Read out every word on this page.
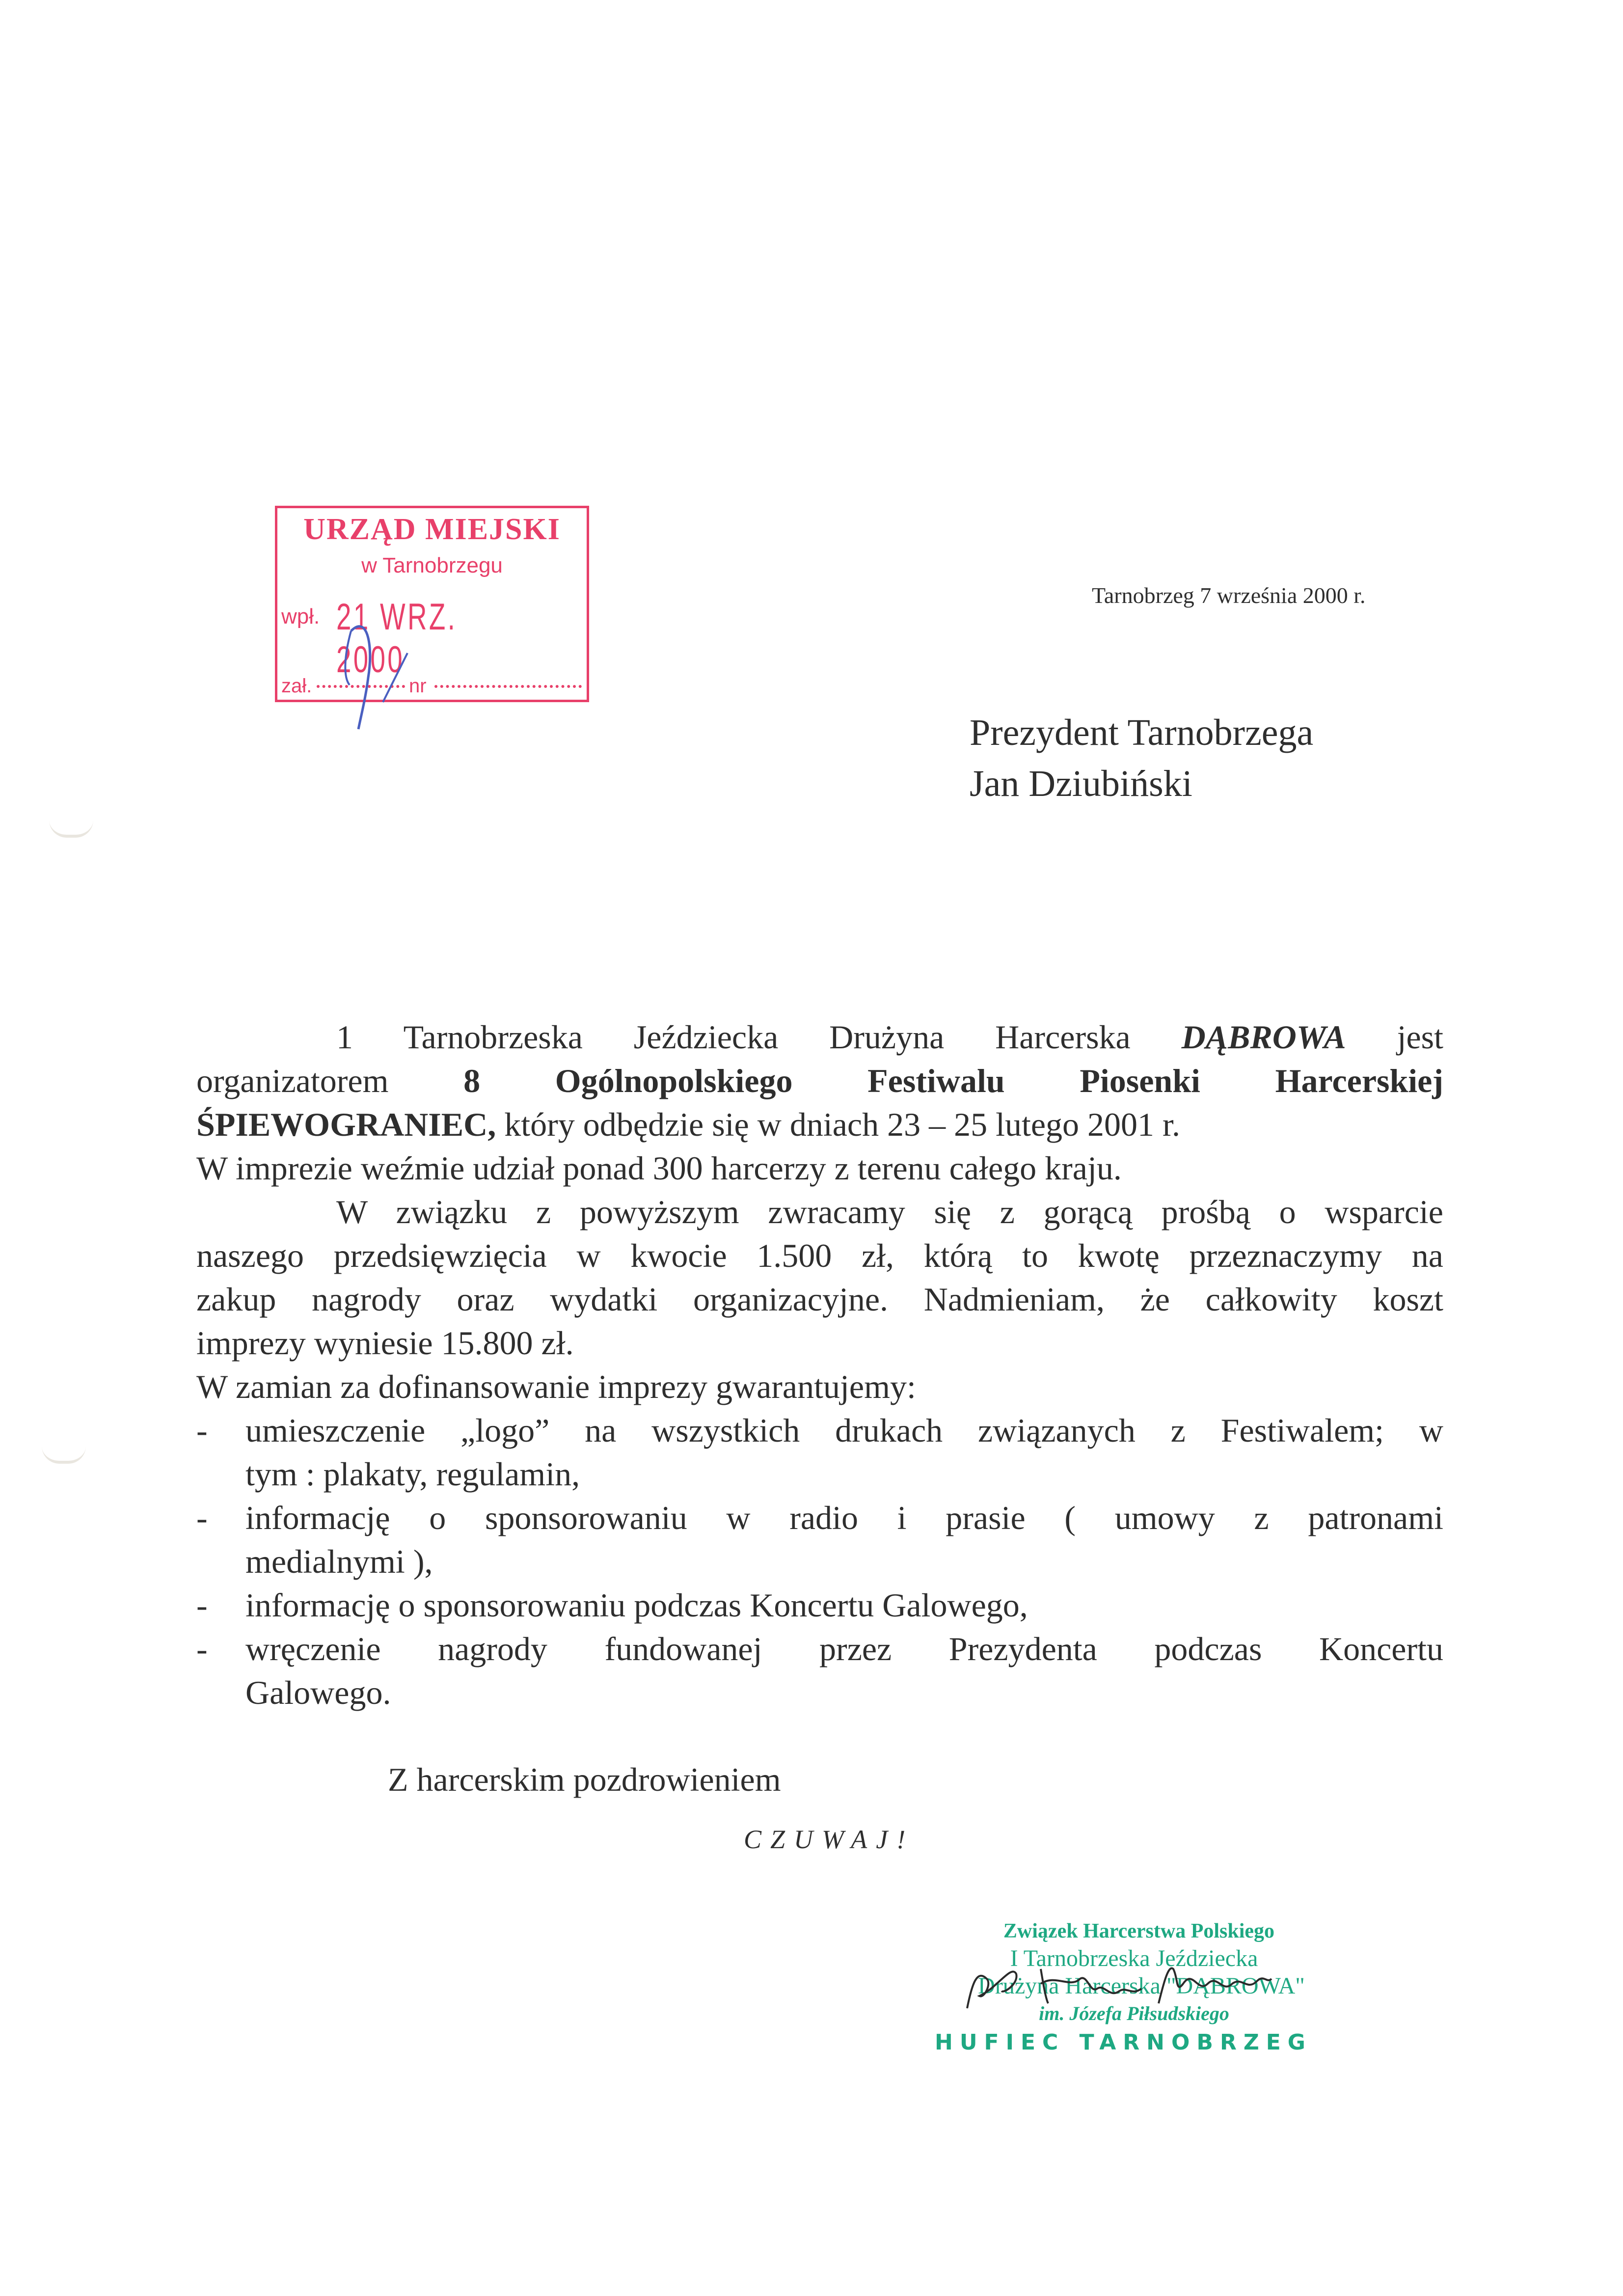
URZĄD MIEJSKI
w Tarnobrzegu
wpł. 21 WRZ. 2000
zał.	nr
Tarnobrzeg 7 września 2000 r.
Prezydent Tarnobrzega
Jan Dziubiński
1 Tarnobrzeska Jeździecka Drużyna Harcerska DĄBROWA jest
organizatorem 8 Ogólnopolskiego Festiwalu Piosenki Harcerskiej
ŚPIEWOGRANIEC, który odbędzie się w dniach 23 – 25 lutego 2001 r.
W imprezie weźmie udział ponad 300 harcerzy z terenu całego kraju.
W związku z powyższym zwracamy się z gorącą prośbą o wsparcie
naszego przedsięwzięcia w kwocie 1.500 zł, którą to kwotę przeznaczymy na
zakup nagrody oraz wydatki organizacyjne. Nadmieniam, że całkowity koszt
imprezy wyniesie 15.800 zł.
W zamian za dofinansowanie imprezy gwarantujemy:
-	umieszczenie „logo” na wszystkich drukach związanych z Festiwalem; w
tym : plakaty, regulamin,
-	informację o sponsorowaniu w radio i prasie ( umowy z patronami
medialnymi ),
-	informację o sponsorowaniu podczas Koncertu Galowego,
-	wręczenie nagrody fundowanej przez Prezydenta podczas Koncertu
Galowego.
Z harcerskim pozdrowieniem
CZUWAJ!
Związek Harcerstwa Polskiego
I Tarnobrzeska Jeździecka
Drużyna Harcerska "DĄBROWA"
im. Józefa Piłsudskiego
HUFIEC TARNOBRZEG
